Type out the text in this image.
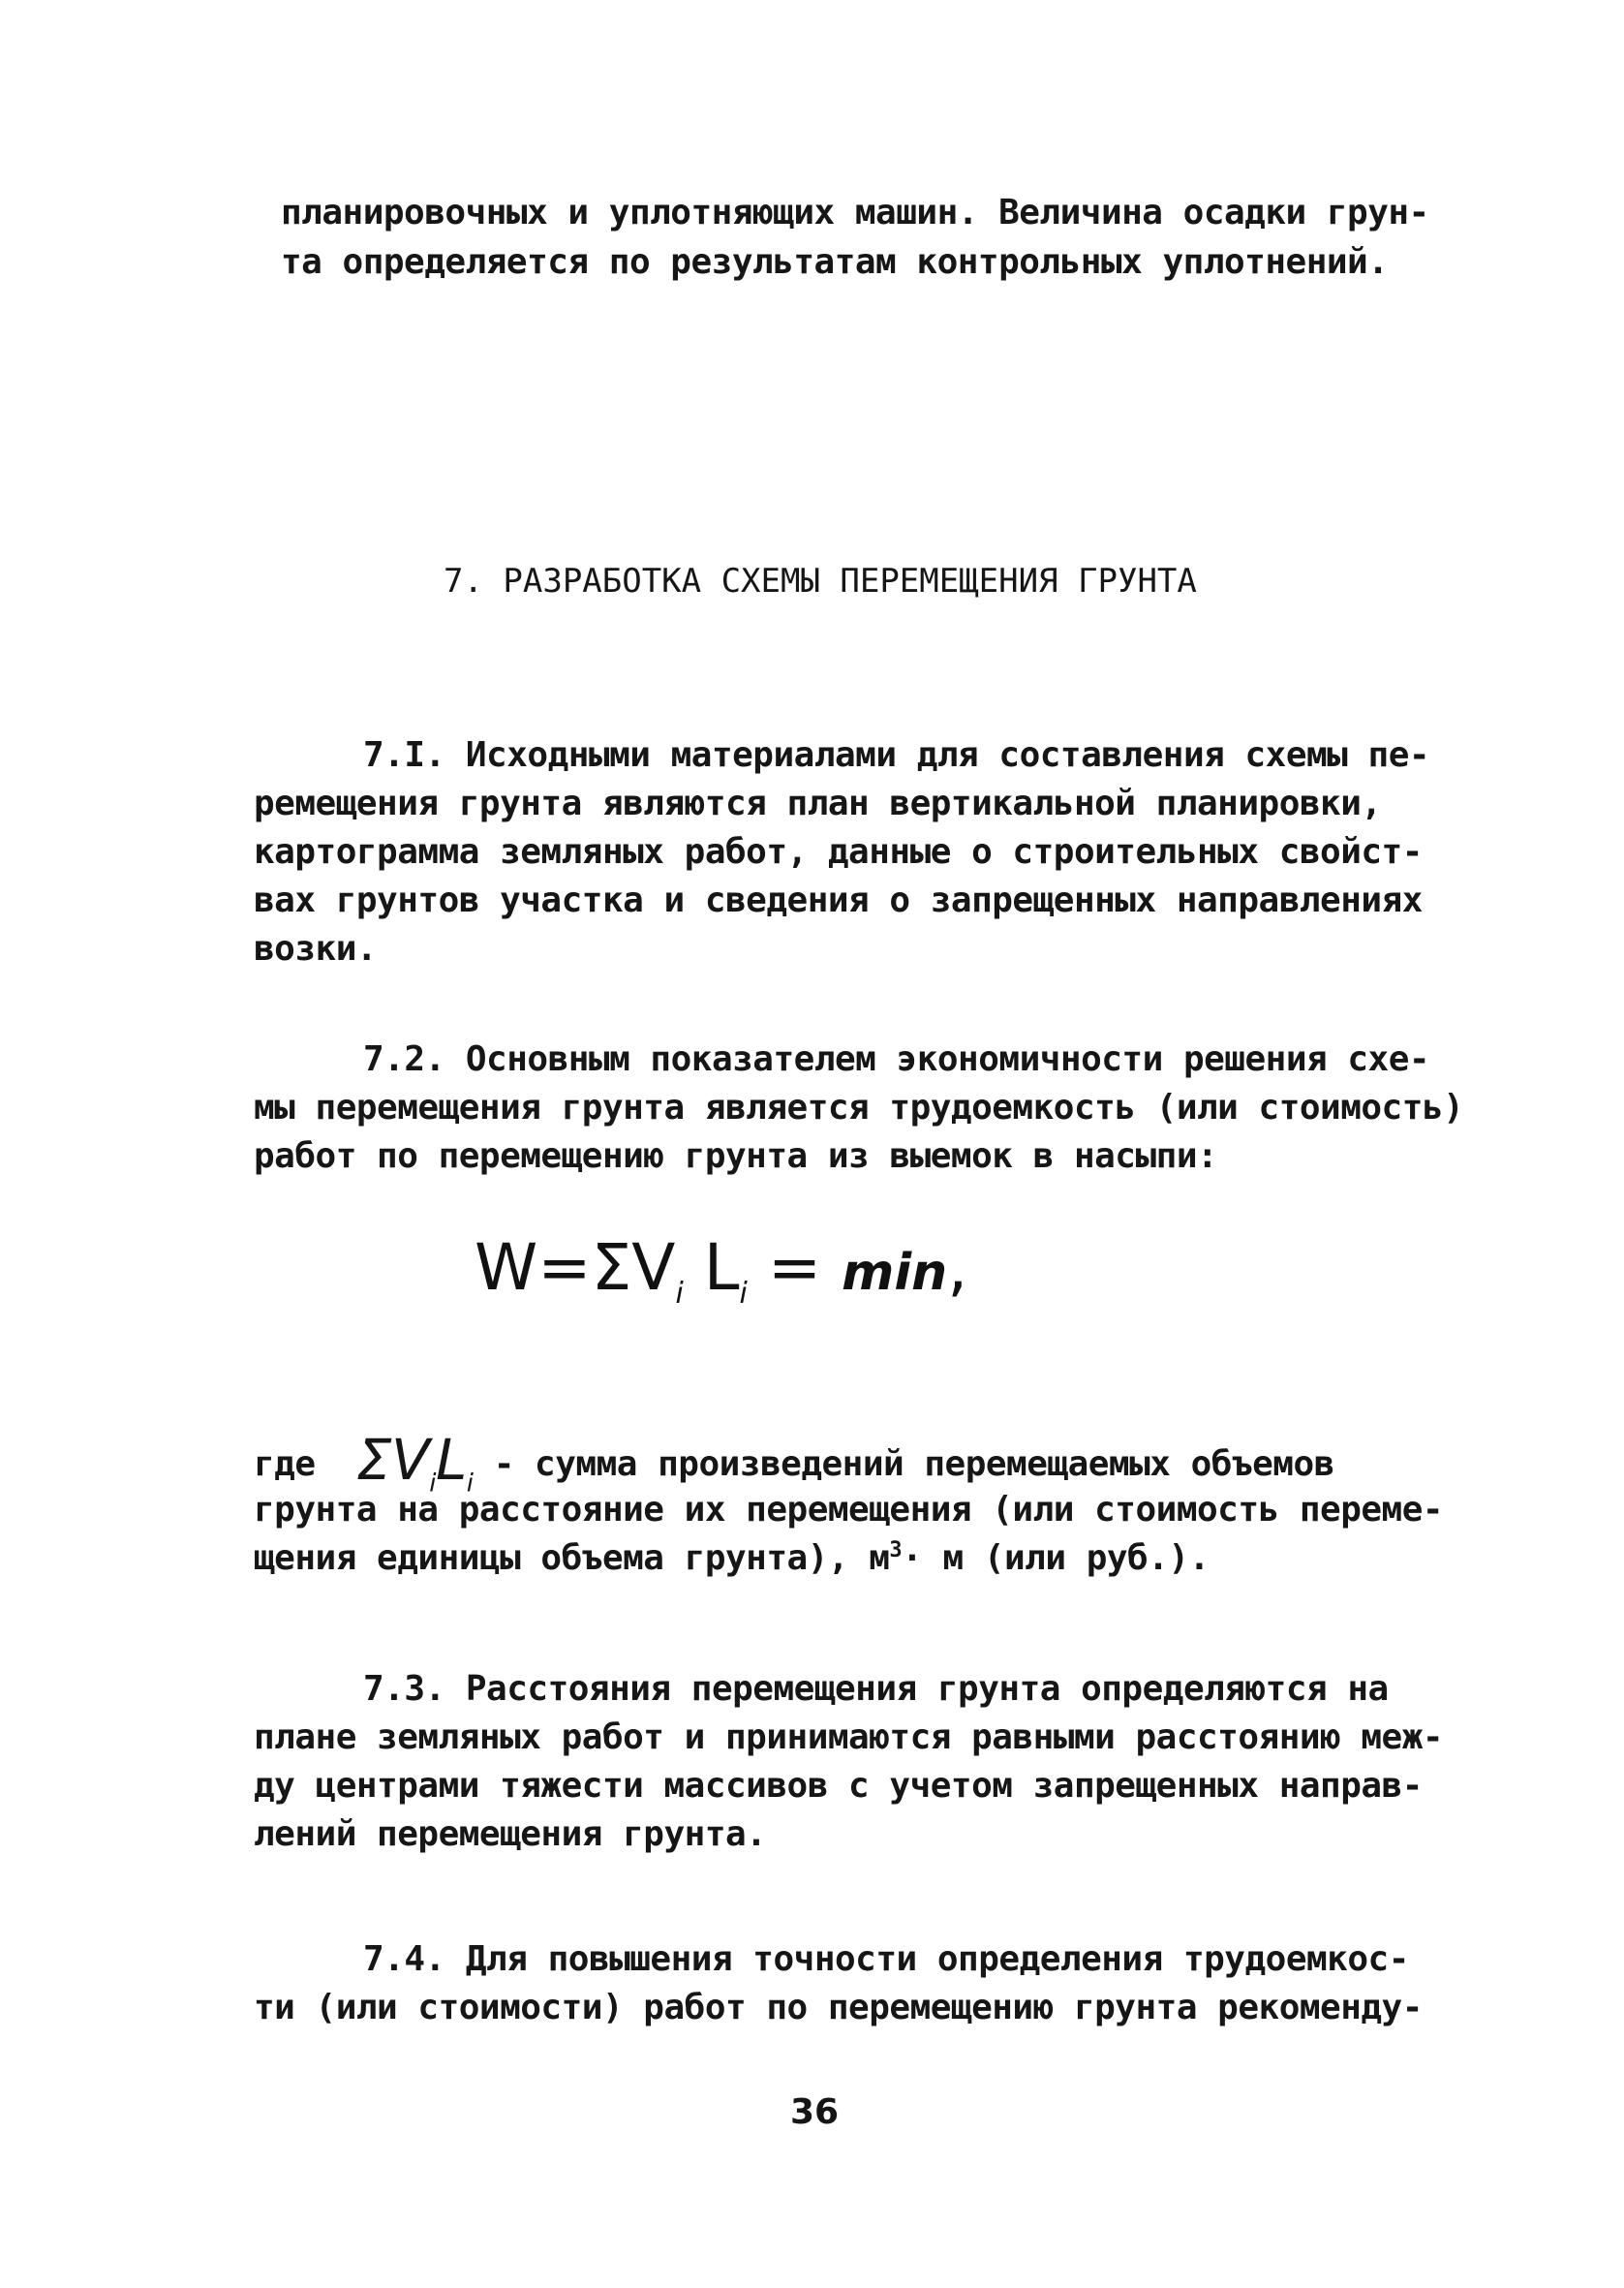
планировочных и уплотняющих машин. Величина осадки грун-
та определяется по результатам контрольных уплотнений.
7. РАЗРАБОТКА СХЕМЫ ПЕРЕМЕЩЕНИЯ ГРУНТА
7.I. Исходными материалами для составления схемы пе-
ремещения грунта являются план вертикальной планировки,
картограмма земляных работ, данные о строительных свойст-
вах грунтов участка и сведения о запрещенных направлениях
возки.
7.2. Основным показателем экономичности решения схе-
мы перемещения грунта является трудоемкость (или стоимость)
работ по перемещению грунта из выемок в насыпи:
$W=\Sigma V_i$ $L_i = \min$,
где $\Sigma V_iL_i$ - сумма произведений перемещаемых объемов
грунта на расстояние их перемещения (или стоимость переме-
щения единицы объема грунта), $м^3\cdot м$ (или руб.).
7.3. Расстояния перемещения грунта определяются на
плане земляных работ и принимаются равными расстоянию меж-
ду центрами тяжести массивов с учетом запрещенных направ-
лений перемещения грунта.
7.4. Для повышения точности определения трудоемкос-
ти (или стоимости) работ по перемещению грунта рекоменду-
36
